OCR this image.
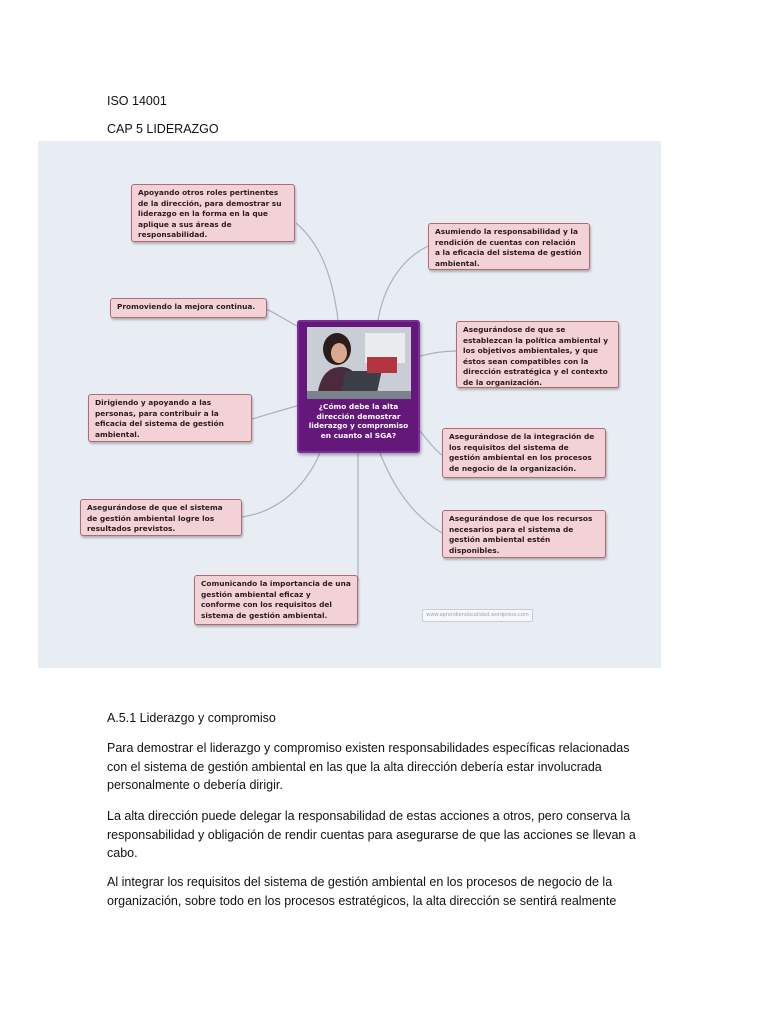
ISO 14001
CAP 5 LIDERAZGO
Apoyando otros roles pertinentes de la dirección, para demostrar su liderazgo en la forma en la que aplique a sus áreas de responsabilidad.	Asumiendo la responsabilidad y la rendición de cuentas con relación a la eficacia del sistema de gestión ambiental.
Promoviendo la mejora continua.
Asegurándose de que se establezcan la política ambiental y los objetivos ambientales, y que éstos sean compatibles con la dirección estratégica y el contexto de la organización.
Dirigiendo y apoyando a las personas, para contribuir a la eficacia del sistema de gestión ambiental.	Asegurándose de la integración de los requisitos del sistema de gestión ambiental en los procesos de negocio de la organización.
Asegurándose de que el sistema de gestión ambiental logre los resultados previstos.
Asegurándose de que los recursos necesarios para el sistema de gestión ambiental estén disponibles.
Comunicando la importancia de una gestión ambiental eficaz y conforme con los requisitos del sistema de gestión ambiental.
¿Cómo debe la alta dirección demostrar liderazgo y compromiso en cuanto al SGA?
www.aprendiendocalidad.wordpress.com
A.5.1 Liderazgo y compromiso

Para demostrar el liderazgo y compromiso existen responsabilidades específicas relacionadas con el sistema de gestión ambiental en las que la alta dirección debería estar involucrada personalmente o debería dirigir.

La alta dirección puede delegar la responsabilidad de estas acciones a otros, pero conserva la responsabilidad y obligación de rendir cuentas para asegurarse de que las acciones se llevan a cabo.

Al integrar los requisitos del sistema de gestión ambiental en los procesos de negocio de la organización, sobre todo en los procesos estratégicos, la alta dirección se sentirá realmente
